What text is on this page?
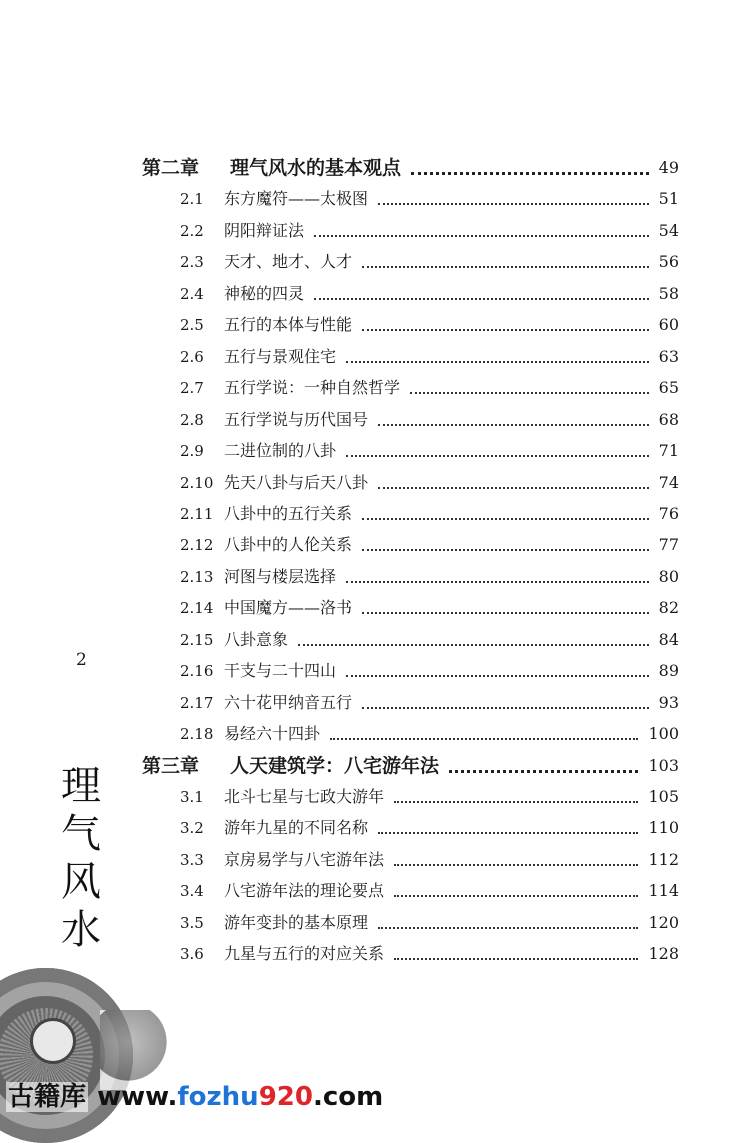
第二章 理气风水的基本观点	49
2.1 东方魔符——太极图	51
2.2 阴阳辩证法	54
2.3 天才、地才、人才	56
2.4 神秘的四灵	58
2.5 五行的本体与性能	60
2.6 五行与景观住宅	63
2.7 五行学说：一种自然哲学	65
2.8 五行学说与历代国号	68
2.9 二进位制的八卦	71
2.10 先天八卦与后天八卦	74
2.11 八卦中的五行关系	76
2.12 八卦中的人伦关系	77
2.13 河图与楼层选择	80
2.14 中国魔方——洛书	82
2.15 八卦意象	84
2.16 干支与二十四山	89
2.17 六十花甲纳音五行	93
2.18 易经六十四卦	100
第三章 人天建筑学：八宅游年法	103
3.1 北斗七星与七政大游年	105
3.2 游年九星的不同名称	110
3.3 京房易学与八宅游年法	112
3.4 八宅游年法的理论要点	114
3.5 游年变卦的基本原理	120
3.6 九星与五行的对应关系	128
2
理
气
风
水
古籍库 www.fozhu920.com
